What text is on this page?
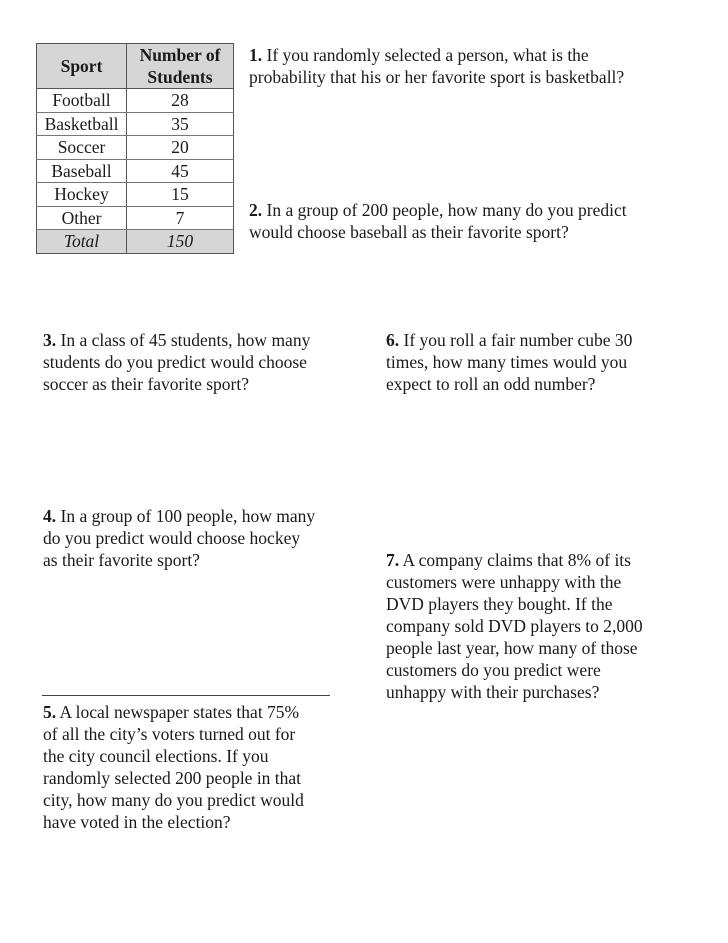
Sport	Number of
Students
Football	28
Basketball	35
Soccer	20
Baseball	45
Hockey	15
Other	7
Total	150
1. If you randomly selected a person, what is the
probability that his or her favorite sport is basketball?
2. In a group of 200 people, how many do you predict
would choose baseball as their favorite sport?
3. In a class of 45 students, how many
students do you predict would choose
soccer as their favorite sport?
6. If you roll a fair number cube 30
times, how many times would you
expect to roll an odd number?
4. In a group of 100 people, how many
do you predict would choose hockey
as their favorite sport?	7. A company claims that 8% of its
customers were unhappy with the
DVD players they bought. If the
company sold DVD players to 2,000
people last year, how many of those
customers do you predict were
unhappy with their purchases?
5. A local newspaper states that 75%
of all the city’s voters turned out for
the city council elections. If you
randomly selected 200 people in that
city, how many do you predict would
have voted in the election?
